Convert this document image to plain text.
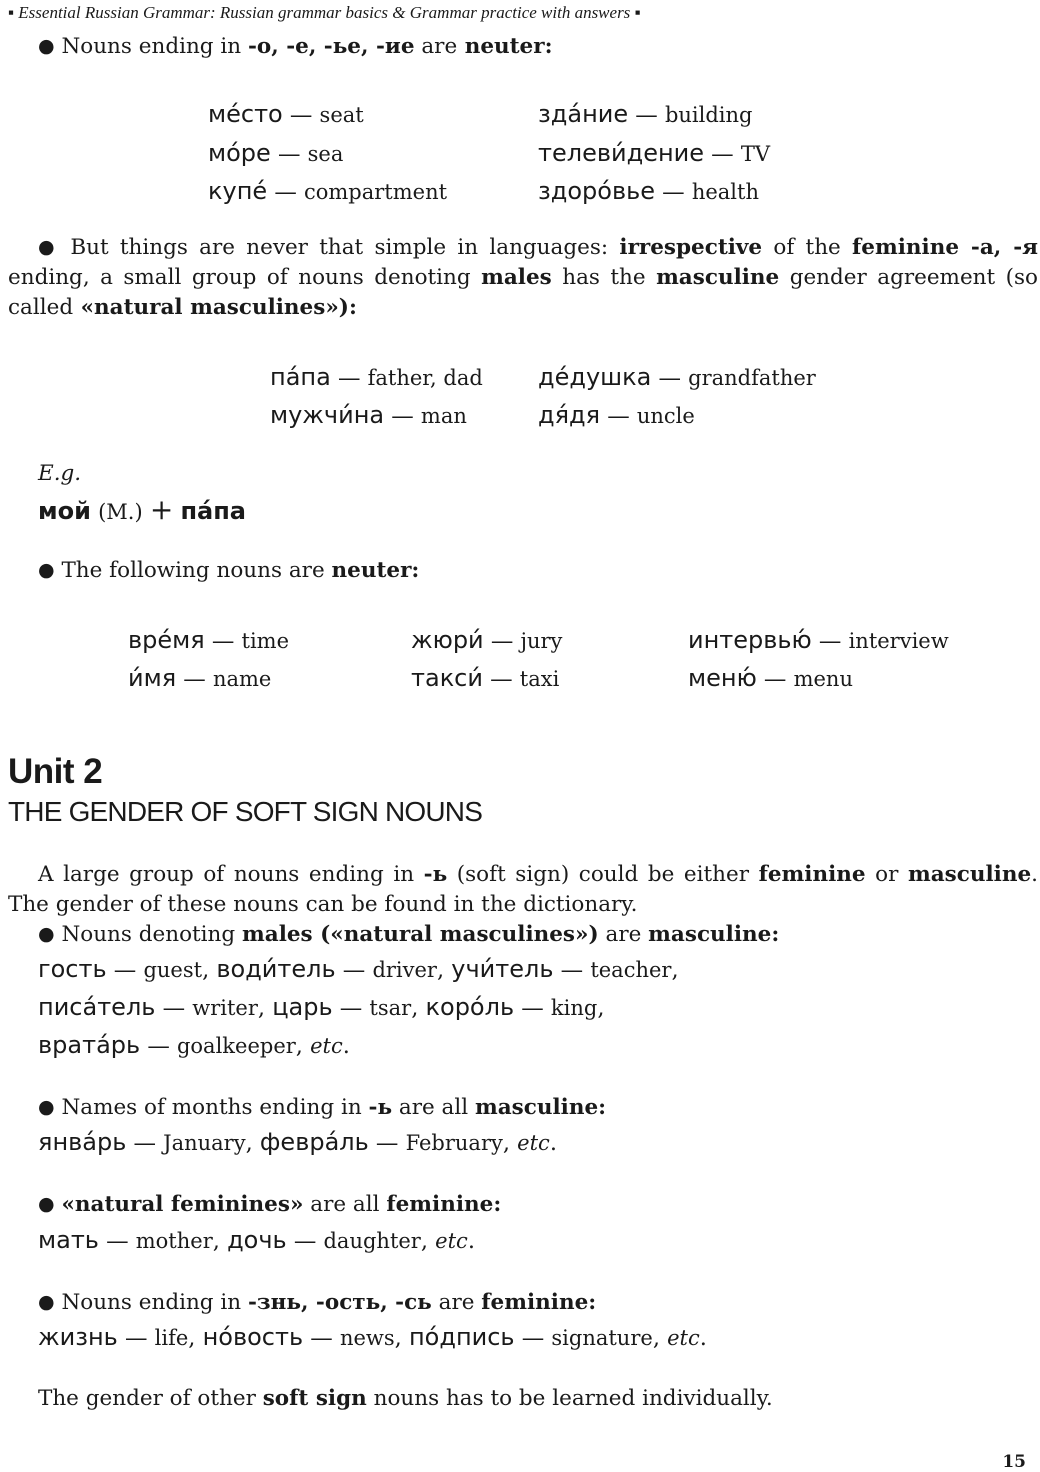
▪ Essential Russian Grammar: Russian grammar basics & Grammar practice with answers ▪
● Nouns ending in -о, -е, -ье, -ие are neuter:
ме́сто — seat
мо́ре — sea
купе́ — compartment
зда́ние — building
телеви́дение — TV
здоро́вье — health
● But things are never that simple in languages: irrespective of the feminine -а, -я ending, a small group of nouns denoting males has the masculine gender agreement (so called «natural masculines»):
па́па — father, dad
мужчи́на — man
де́душка — grandfather
дя́дя — uncle
E.g.
мой (М.) + па́па
● The following nouns are neuter:
вре́мя — time
и́мя — name
жюри́ — jury
такси́ — taxi
интервью́ — interview
меню́ — menu
Unit 2
THE GENDER OF SOFT SIGN NOUNS
A large group of nouns ending in -ь (soft sign) could be either feminine or masculine. The gender of these nouns can be found in the dictionary.
● Nouns denoting males («natural masculines») are masculine:
гость — guest, води́тель — driver, учи́тель — teacher,
писа́тель — writer, царь — tsar, коро́ль — king,
врата́рь — goalkeeper, etc.
● Names of months ending in -ь are all masculine:
янва́рь — January, февра́ль — February, etc.
● «natural feminines» are all feminine:
мать — mother, дочь — daughter, etc.
● Nouns ending in -знь, -ость, -сь are feminine:
жизнь — life, но́вость — news, по́дпись — signature, etc.
The gender of other soft sign nouns has to be learned individually.
15
